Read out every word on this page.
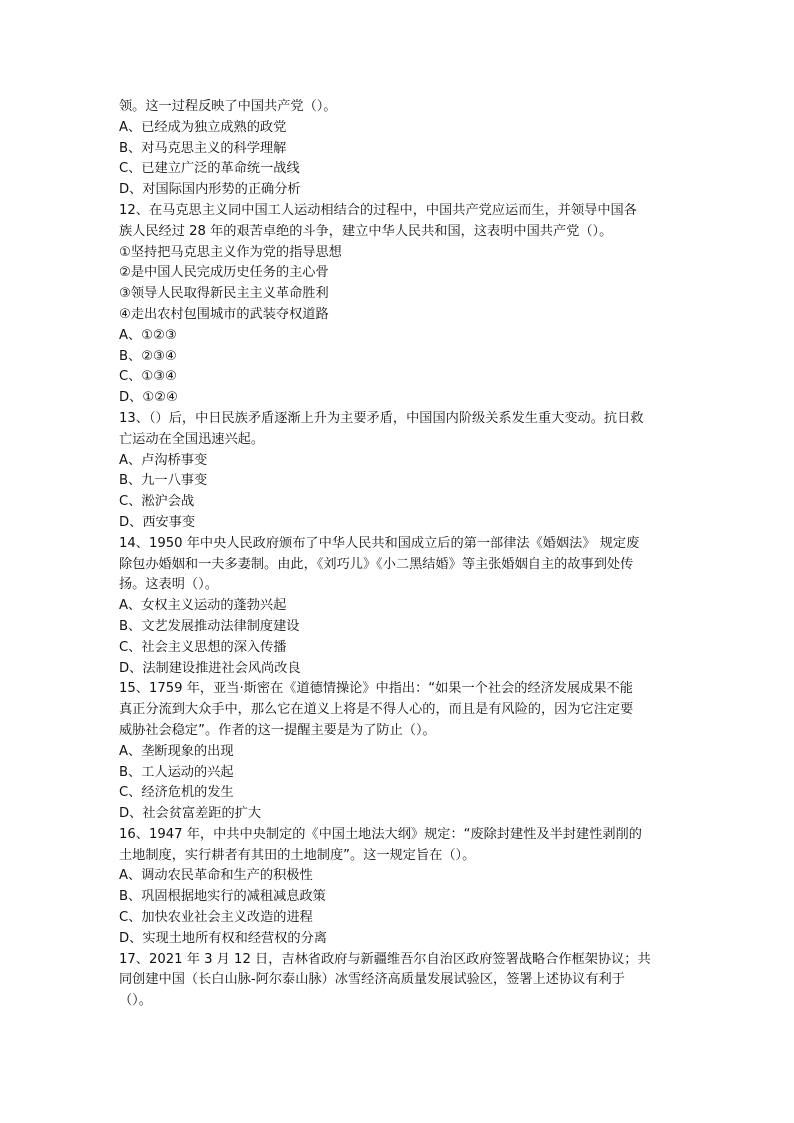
领。这一过程反映了中国共产党（）。
A、已经成为独立成熟的政党
B、对马克思主义的科学理解
C、已建立广泛的革命统一战线
D、对国际国内形势的正确分析
12、在马克思主义同中国工人运动相结合的过程中，中国共产党应运而生，并领导中国各
族人民经过 28 年的艰苦卓绝的斗争，建立中华人民共和国，这表明中国共产党（）。
①坚持把马克思主义作为党的指导思想
②是中国人民完成历史任务的主心骨
③领导人民取得新民主主义革命胜利
④走出农村包围城市的武装夺权道路
A、①②③
B、②③④
C、①③④
D、①②④
13、（）后，中日民族矛盾逐渐上升为主要矛盾，中国国内阶级关系发生重大变动。抗日救
亡运动在全国迅速兴起。
A、卢沟桥事变
B、九一八事变
C、淞沪会战
D、西安事变
14、1950 年中央人民政府颁布了中华人民共和国成立后的第一部律法《婚姻法》 规定废
除包办婚姻和一夫多妻制。由此，《刘巧儿》《小二黑结婚》等主张婚姻自主的故事到处传
扬。这表明（）。
A、女权主义运动的蓬勃兴起
B、文艺发展推动法律制度建设
C、社会主义思想的深入传播
D、法制建设推进社会风尚改良
15、1759 年，亚当·斯密在《道德情操论》中指出：“如果一个社会的经济发展成果不能
真正分流到大众手中，那么它在道义上将是不得人心的，而且是有风险的，因为它注定要
威胁社会稳定”。作者的这一提醒主要是为了防止（）。
A、垄断现象的出现
B、工人运动的兴起
C、经济危机的发生
D、社会贫富差距的扩大
16、1947 年，中共中央制定的《中国土地法大纲》规定：“废除封建性及半封建性剥削的
土地制度，实行耕者有其田的土地制度”。这一规定旨在（）。
A、调动农民革命和生产的积极性
B、巩固根据地实行的减租减息政策
C、加快农业社会主义改造的进程
D、实现土地所有权和经营权的分离
17、2021 年 3 月 12 日，吉林省政府与新疆维吾尔自治区政府签署战略合作框架协议；共
同创建中国（长白山脉-阿尔泰山脉）冰雪经济高质量发展试验区，签署上述协议有利于
（）。
